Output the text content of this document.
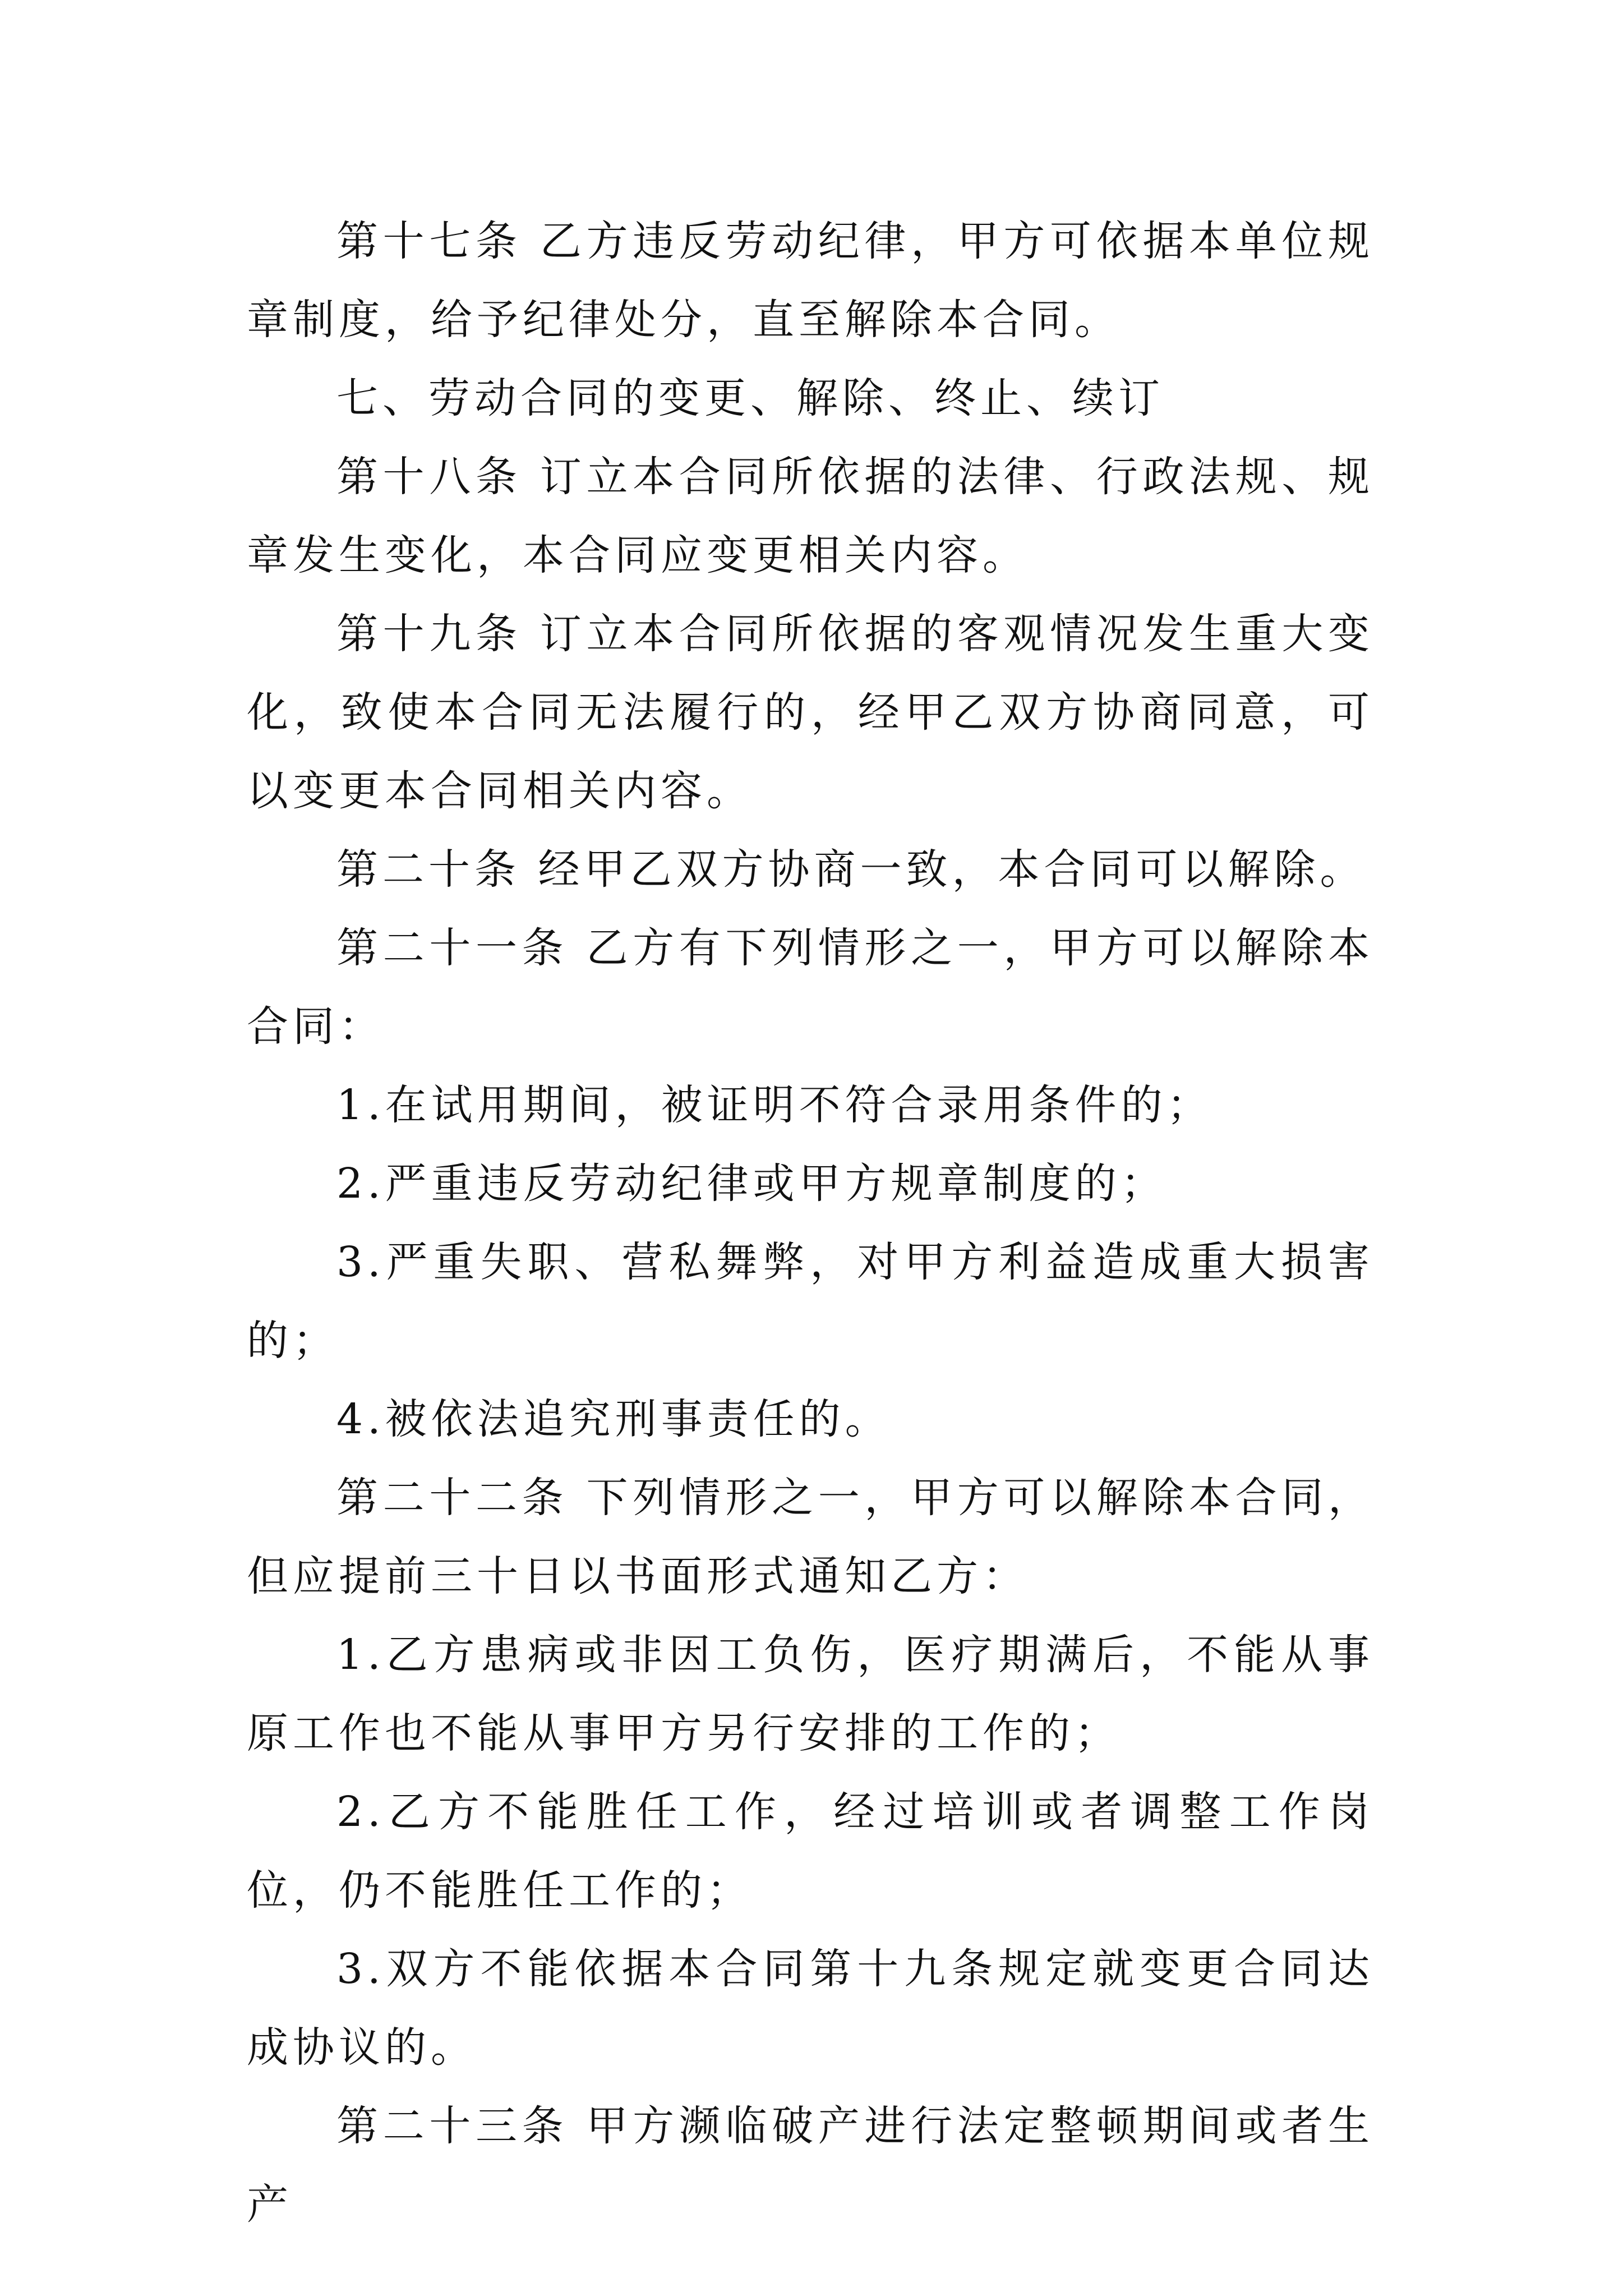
第十七条 乙方违反劳动纪律，甲方可依据本单位规章制度，给予纪律处分，直至解除本合同。

七、劳动合同的变更、解除、终止、续订

第十八条 订立本合同所依据的法律、行政法规、规章发生变化，本合同应变更相关内容。

第十九条 订立本合同所依据的客观情况发生重大变化，致使本合同无法履行的，经甲乙双方协商同意，可以变更本合同相关内容。

第二十条 经甲乙双方协商一致，本合同可以解除。

第二十一条 乙方有下列情形之一，甲方可以解除本合同：

1.在试用期间，被证明不符合录用条件的；

2.严重违反劳动纪律或甲方规章制度的；

3.严重失职、营私舞弊，对甲方利益造成重大损害的；

4.被依法追究刑事责任的。

第二十二条 下列情形之一，甲方可以解除本合同，但应提前三十日以书面形式通知乙方：

1.乙方患病或非因工负伤，医疗期满后，不能从事原工作也不能从事甲方另行安排的工作的；

2.乙方不能胜任工作，经过培训或者调整工作岗位，仍不能胜任工作的；

3.双方不能依据本合同第十九条规定就变更合同达成协议的。

第二十三条 甲方濒临破产进行法定整顿期间或者生产
